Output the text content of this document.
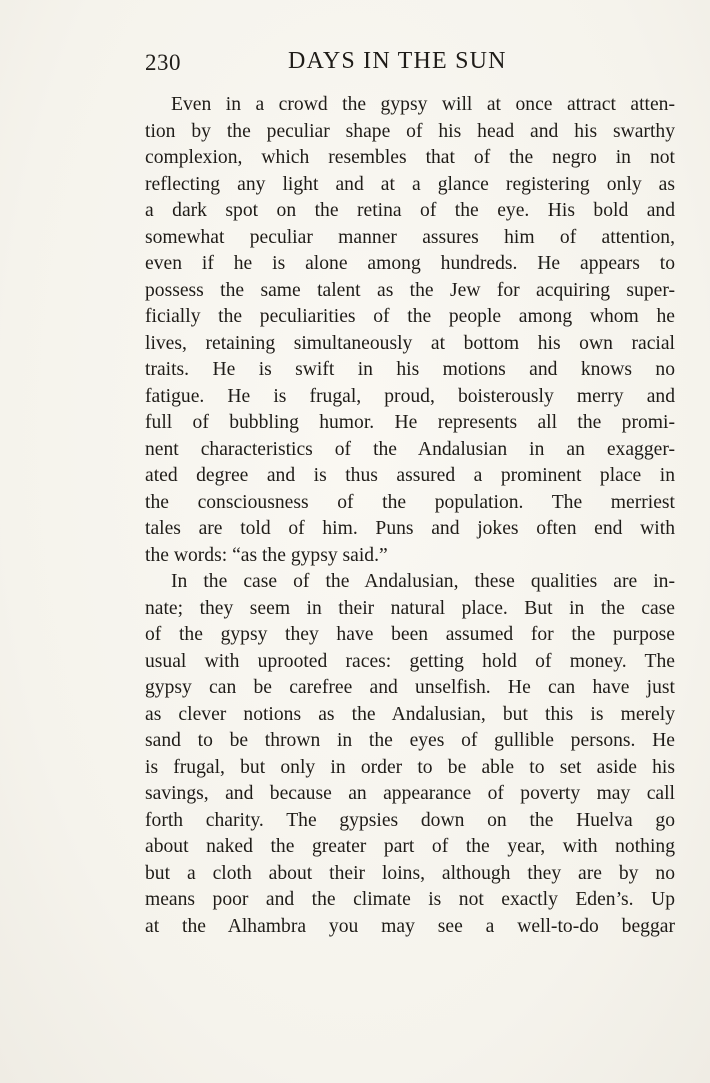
230	DAYS IN THE SUN
Even in a crowd the gypsy will at once attract atten-
tion by the peculiar shape of his head and his swarthy
complexion, which resembles that of the negro in not
reflecting any light and at a glance registering only as
a dark spot on the retina of the eye. His bold and
somewhat peculiar manner assures him of attention,
even if he is alone among hundreds. He appears to
possess the same talent as the Jew for acquiring super-
ficially the peculiarities of the people among whom he
lives, retaining simultaneously at bottom his own racial
traits. He is swift in his motions and knows no
fatigue. He is frugal, proud, boisterously merry and
full of bubbling humor. He represents all the promi-
nent characteristics of the Andalusian in an exagger-
ated degree and is thus assured a prominent place in
the consciousness of the population. The merriest
tales are told of him. Puns and jokes often end with
the words: “as the gypsy said.”
In the case of the Andalusian, these qualities are in-
nate; they seem in their natural place. But in the case
of the gypsy they have been assumed for the purpose
usual with uprooted races: getting hold of money. The
gypsy can be carefree and unselfish. He can have just
as clever notions as the Andalusian, but this is merely
sand to be thrown in the eyes of gullible persons. He
is frugal, but only in order to be able to set aside his
savings, and because an appearance of poverty may call
forth charity. The gypsies down on the Huelva go
about naked the greater part of the year, with nothing
but a cloth about their loins, although they are by no
means poor and the climate is not exactly Eden’s. Up
at the Alhambra you may see a well-to-do beggar
